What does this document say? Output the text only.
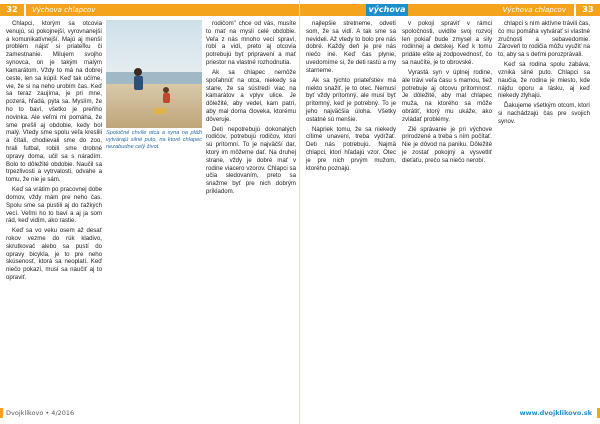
Výchova chlapcov
32

Chlapci, ktorým sa otcovia venujú, sú pokojnejší, vyrovnanejší a komunikatívnejší. Majú aj menší problém nájsť si priateľku či zamestnanie. Milujem svojho synovca, on je takým malým kamarátom. Vždy to má na dobrej ceste, len sa kúpil. Keď tak učíme, vie, že si na neho urobím čas. Keď sa teraz zaujíma, je pri mne, pozerá, hľadá, pýta sa. Myslím, že ho to baví, všetko je preňho novinka. Ale veľmi mi pomáha, že sme prešli aj obdobie, kedy bol malý. Vtedy sme spolu veľa kreslili a čítali, chodievali sme do zoo, hrali futbal, robili sme drobné opravy doma, učil sa s náradím. Bolo to dôležité obdobie. Naučil sa trpezlivosti a vytrvalosti, odvahe a tomu, že nie je sám.

Keď sa vrátim po pracovnej dobe domov, vždy mám pre neho čas. Spolu sme sa pustili aj do ťažkých vecí. Veľmi ho to baví a aj ja som rád, keď vidím, ako rastie.

Keď sa vo veku osem až desať rokov vezme do rúk kladivo, skrutkovač alebo sa pustí do opravy bicykla, je to pre neho skúsenosť, ktorá sa neoplatí. Keď niečo pokazí, musí sa naučiť aj to opraviť.

Spoločné chvíle otca a syna na pláži vytvárajú silné puto, na ktoré chlapec nezabudne celý život.

rodičom" chce od vás, musíte to mať na mysli celé obdobie. Veľa z nás mnoho vecí spraví, robí a vidí, preto aj otcovia potrebujú byť pripravení a mať priestor na vlastné rozhodnutia.

Ak sa chlapec nemôže spoľahnúť na otca, niekedy sa stane, že sa sústredí viac na kamarátov a vplyv ulice. Je dôležité, aby vedel, kam patrí, aby mal doma človeka, ktorému dôveruje.

Deti nepotrebujú dokonalých rodičov, potrebujú rodičov, ktorí sú prítomní. To je najväčší dar, ktorý im môžeme dať. Na druhej strane, vždy je dobré mať v rodine viacero vzorov. Chlapci sa učia sledovaním, preto sa snažme byť pre nich dobrým príkladom.

Dvojklíkovo • 4/2016
Výchova chlapcov
výchova	33

najlepšie stretneme, odvetí som, že sa vidí. A tak sme sa nevideli. Až vtedy to bolo pre nás dobré. Každý deň je pre nás niečo iné. Keď čas plynie, uvedomíme si, že deti rastú a my starneme.

Ak sa týchto priateľstiev má niekto snažiť, je to otec. Nemusí byť vždy prítomný, ale musí byť prítomný, keď je potrebný. To je jeho najväčšia úloha. Všetky ostatné sú menšie.

Napriek tomu, že sa niekedy cítime unavení, treba vydržať. Deti nás potrebujú. Najmä chlapci, ktorí hľadajú vzor. Otec je pre nich prvým mužom, ktorého poznajú.

v pokoji spraviť v rámci spoločnosti, uvidíte svoj rozvoj len pokiaľ bude zmysel a sily rodinnej a detskej. Keď k tomu pridáte ešte aj zodpovednosť, čo sa naučíte, je to obrovské.

Vyrastá syn v úplnej rodine, ale trávi veľa času s mamou, tiež potrebuje aj otcovu prítomnosť. Je dôležité, aby mal chlapec muža, na ktorého sa môže obrátiť, ktorý mu ukáže, ako zvládať problémy.

Zlé správanie je pri výchove prirodzené a treba s ním počítať. Nie je dôvod na paniku. Dôležité je zostať pokojný a vysvetliť dieťaťu, prečo sa niečo nerobí.

chlapci s ním aktívne trávili čas, čo mu pomáha vytvárať si vlastné zručnosti a sebavedomie. Zároveň to rodičia môžu využiť na to, aby sa s deťmi porozprávali.

Keď sa rodina spolu zabáva, vzniká silné puto. Chlapci sa naučia, že rodina je miesto, kde nájdu oporu a lásku, aj keď niekedy zlyhajú.

Ďakujeme všetkým otcom, ktorí si nachádzajú čas pre svojich synov.

www.dvojklikovo.sk
